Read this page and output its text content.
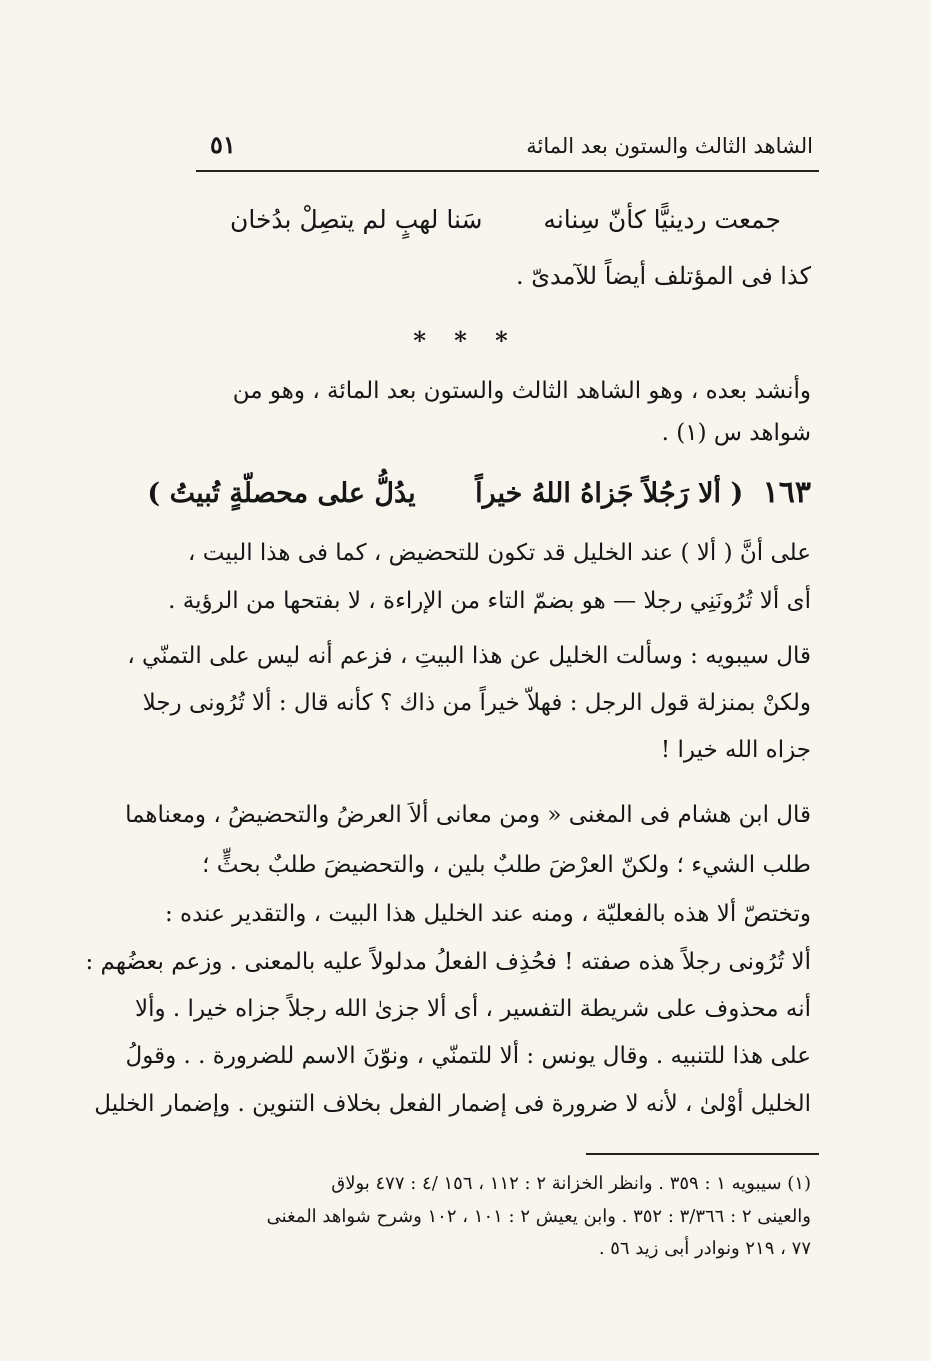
الشاهد الثالث والستون بعد المائة
٥١
جمعت ردينيًّا كأنّ سِنانه
سَنا لهبٍ لم يتصِلْ بدُخان
كذا فى المؤتلف أيضاً للآمدىّ .
* * *
وأنشد بعده ، وهو الشاهد الثالث والستون بعد المائة ، وهو من
شواهد س (١) .
١٦٣ ( ألا رَجُلاً جَزاهُ اللهُ خيراً يدُلُّ على محصلّةٍ تُبيتُ )
على أنَّ ( ألا ) عند الخليل قد تكون للتحضيض ، كما فى هذا البيت ،
أى ألا تُرُونَنِي رجلا — هو بضمّ التاء من الإراءة ، لا بفتحها من الرؤية .
قال سيبويه : وسألت الخليل عن هذا البيتِ ، فزعم أنه ليس على التمنّي ،
ولكنْ بمنزلة قول الرجل : فهلاّ خيراً من ذاك ؟ كأنه قال : ألا تُرُونى رجلا
جزاه الله خيرا !
قال ابن هشام فى المغنى « ومن معانى ألاَ العرضُ والتحضيضُ ، ومعناهما
طلب الشيء ؛ ولكنّ العرْضَ طلبٌ بلين ، والتحضيضَ طلبٌ بحثٍّ ؛
وتختصّ ألا هذه بالفعليّة ، ومنه عند الخليل هذا البيت ، والتقدير عنده :
ألا تُرُونى رجلاً هذه صفته ! فحُذِف الفعلُ مدلولاً عليه بالمعنى . وزعم بعضُهم :
أنه محذوف على شريطة التفسير ، أى ألا جزىٰ الله رجلاً جزاه خيرا . وألا
على هذا للتنبيه . وقال يونس : ألا للتمنّي ، ونوّنَ الاسم للضرورة . . وقولُ
الخليل أوْلىٰ ، لأنه لا ضرورة فى إضمار الفعل بخلاف التنوين . وإضمار الخليل
(١) سيبويه ١ : ٣٥٩ . وانظر الخزانة ٢ : ١١٢ ، ١٥٦ /٤ : ٤٧٧ بولاق
والعينى ٢ : ٣/٣٦٦ : ٣٥٢ . وابن يعيش ٢ : ١٠١ ، ١٠٢ وشرح شواهد المغنى
٧٧ ، ٢١٩ ونوادر أبى زيد ٥٦ .
